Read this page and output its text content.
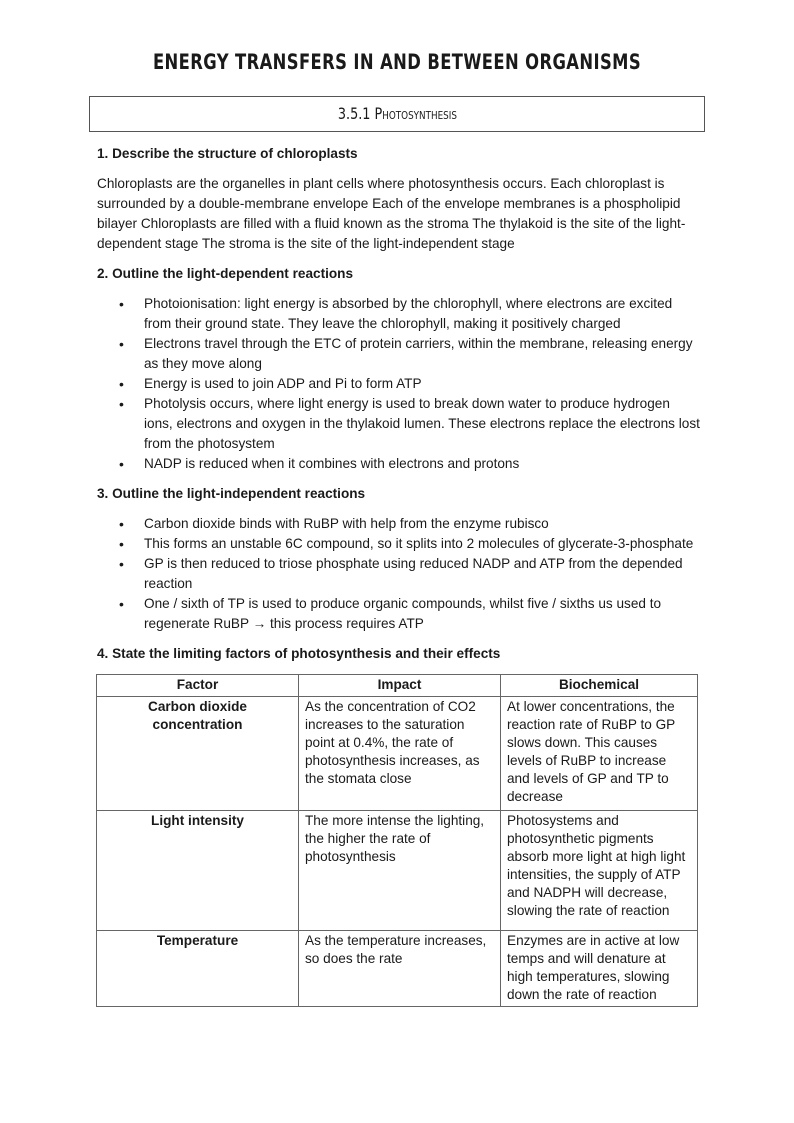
ENERGY TRANSFERS IN AND BETWEEN ORGANISMS
3.5.1 Photosynthesis
1. Describe the structure of chloroplasts

Chloroplasts are the organelles in plant cells where photosynthesis occurs. Each chloroplast is surrounded by a double-membrane envelope Each of the envelope membranes is a phospholipid bilayer Chloroplasts are filled with a fluid known as the stroma The thylakoid is the site of the light-dependent stage The stroma is the site of the light-independent stage

2. Outline the light-dependent reactions
• Photoionisation: light energy is absorbed by the chlorophyll, where electrons are excited from their ground state. They leave the chlorophyll, making it positively charged
• Electrons travel through the ETC of protein carriers, within the membrane, releasing energy as they move along
• Energy is used to join ADP and Pi to form ATP
• Photolysis occurs, where light energy is used to break down water to produce hydrogen ions, electrons and oxygen in the thylakoid lumen. These electrons replace the electrons lost from the photosystem
• NADP is reduced when it combines with electrons and protons
3. Outline the light-independent reactions
• Carbon dioxide binds with RuBP with help from the enzyme rubisco
• This forms an unstable 6C compound, so it splits into 2 molecules of glycerate-3-phosphate
• GP is then reduced to triose phosphate using reduced NADP and ATP from the depended reaction
• One / sixth of TP is used to produce organic compounds, whilst five / sixths us used to regenerate RuBP → this process requires ATP
4. State the limiting factors of photosynthesis and their effects
Factor	Impact	Biochemical
Carbon dioxide concentration	As the concentration of CO2 increases to the saturation point at 0.4%, the rate of photosynthesis increases, as the stomata close	At lower concentrations, the reaction rate of RuBP to GP slows down. This causes levels of RuBP to increase and levels of GP and TP to decrease
Light intensity	The more intense the lighting, the higher the rate of photosynthesis	Photosystems and photosynthetic pigments absorb more light at high light intensities, the supply of ATP and NADPH will decrease, slowing the rate of reaction
Temperature	As the temperature increases, so does the rate	Enzymes are in active at low temps and will denature at high temperatures, slowing down the rate of reaction
